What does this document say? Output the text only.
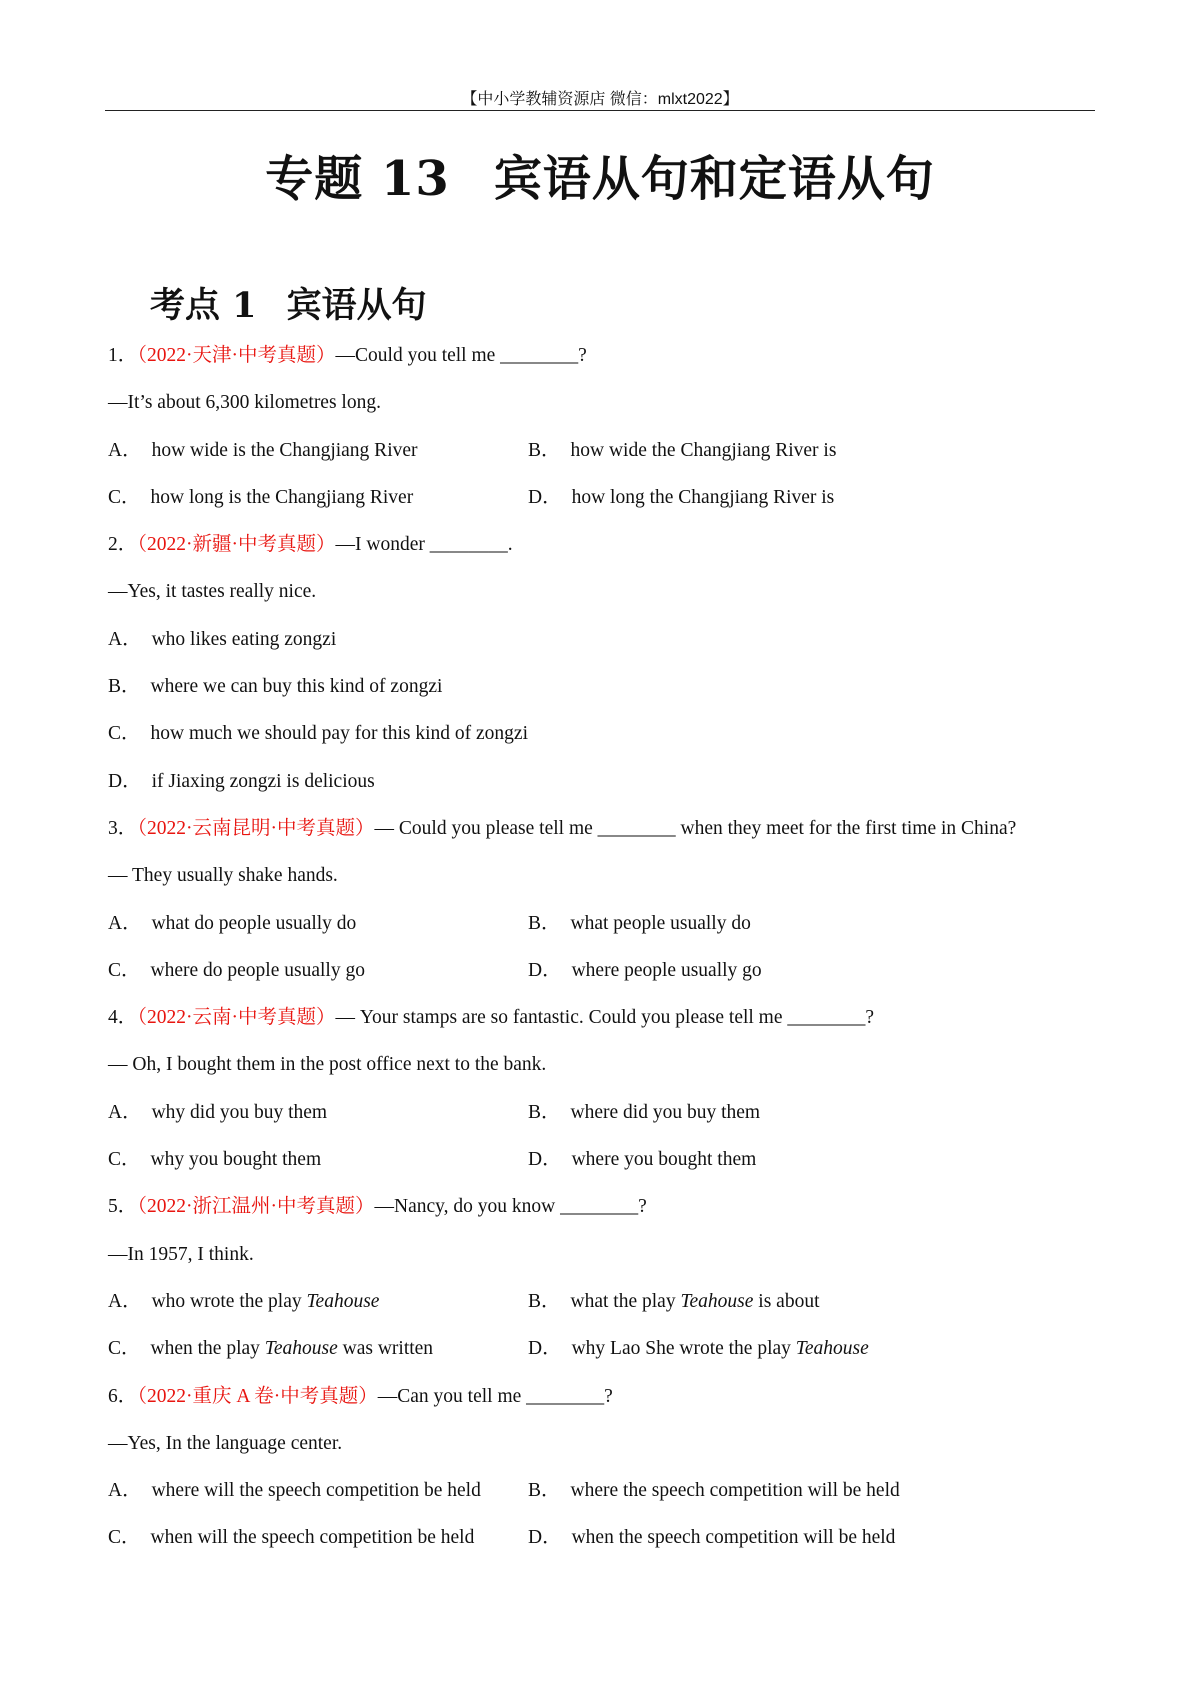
【中小学教辅资源店 微信：mlxt2022】
专题 13 宾语从句和定语从句
考点 1 宾语从句
1．（2022·天津·中考真题）—Could you tell me ________?
—It’s about 6,300 kilometres long.
A． how wide is the Changjiang River	B． how wide the Changjiang River is
C． how long is the Changjiang River	D． how long the Changjiang River is
2．（2022·新疆·中考真题）—I wonder ________.
—Yes, it tastes really nice.
A． who likes eating zongzi
B． where we can buy this kind of zongzi
C． how much we should pay for this kind of zongzi
D． if Jiaxing zongzi is delicious
3．（2022·云南昆明·中考真题）— Could you please tell me ________ when they meet for the first time in China?
— They usually shake hands.
A． what do people usually do	B． what people usually do
C． where do people usually go	D． where people usually go
4．（2022·云南·中考真题）— Your stamps are so fantastic. Could you please tell me ________?
— Oh, I bought them in the post office next to the bank.
A． why did you buy them	B． where did you buy them
C． why you bought them	D． where you bought them
5．（2022·浙江温州·中考真题）—Nancy, do you know ________?
—In 1957, I think.
A． who wrote the play Teahouse	B． what the play Teahouse is about
C． when the play Teahouse was written	D． why Lao She wrote the play Teahouse
6．（2022·重庆 A 卷·中考真题）—Can you tell me ________?
—Yes, In the language center.
A． where will the speech competition be held	B． where the speech competition will be held
C． when will the speech competition be held	D． when the speech competition will be held
